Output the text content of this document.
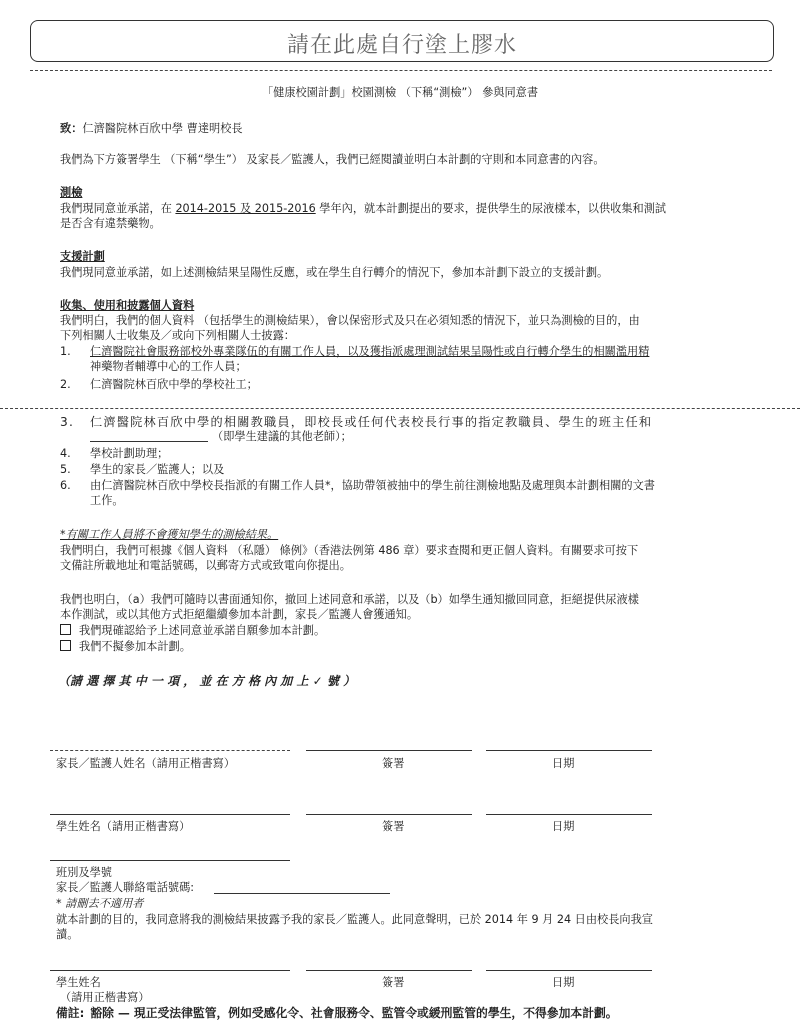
請在此處自行塗上膠水
「健康校園計劃」校園測檢 （下稱“測檢”） 參與同意書
致：仁濟醫院林百欣中學 曹達明校長
我們為下方簽署學生 （下稱“學生”） 及家長／監護人，我們已經閱讀並明白本計劃的守則和本同意書的內容。
測檢
我們現同意並承諾，在 2014-2015 及 2015-2016 學年內，就本計劃提出的要求，提供學生的尿液樣本，以供收集和測試
是否含有違禁藥物。
支援計劃
我們現同意並承諾，如上述測檢結果呈陽性反應，或在學生自行轉介的情況下，參加本計劃下設立的支援計劃。
收集、使用和披露個人資料
我們明白，我們的個人資料 （包括學生的測檢結果），會以保密形式及只在必須知悉的情況下，並只為測檢的目的，由
下列相關人士收集及／或向下列相關人士披露：
1. 仁濟醫院社會服務部校外專業隊伍的有關工作人員，以及獲指派處理測試結果呈陽性或自行轉介學生的相關濫用精
神藥物者輔導中心的工作人員；
2. 仁濟醫院林百欣中學的學校社工；
3. 仁濟醫院林百欣中學的相關教職員，即校長或任何代表校長行事的指定教職員、學生的班主任和
（即學生建議的其他老師）；
4. 學校計劃助理；
5. 學生的家長／監護人；以及
6. 由仁濟醫院林百欣中學校長指派的有關工作人員*，協助帶領被抽中的學生前往測檢地點及處理與本計劃相關的文書
工作。
*有關工作人員將不會獲知學生的測檢結果。
我們明白，我們可根據《個人資料 （私隱） 條例》（香港法例第 486 章）要求查閱和更正個人資料。有關要求可按下
文備註所載地址和電話號碼，以郵寄方式或致電向你提出。
我們也明白，（a）我們可隨時以書面通知你，撤回上述同意和承諾，以及（b）如學生通知撤回同意，拒絕提供尿液樣
本作測試，或以其他方式拒絕繼續參加本計劃，家長／監護人會獲通知。
我們現確認給予上述同意並承諾自願參加本計劃。
我們不擬參加本計劃。
（請 選 擇 其 中 一 項 ， 並 在 方 格 內 加 上 ✓ 號 ）
家長／監護人姓名（請用正楷書寫）	簽署	日期
學生姓名（請用正楷書寫）	簽署	日期
班別及學號
家長／監護人聯絡電話號碼:
* 請刪去不適用者
就本計劃的目的，我同意將我的測檢結果披露予我的家長／監護人。此同意聲明，已於 2014 年 9 月 24 日由校長向我宣
讀。
學生姓名	簽署	日期
（請用正楷書寫）
備註: 豁除 — 現正受法律監管，例如受感化令、社會服務令、監管令或緩刑監管的學生，不得參加本計劃。
